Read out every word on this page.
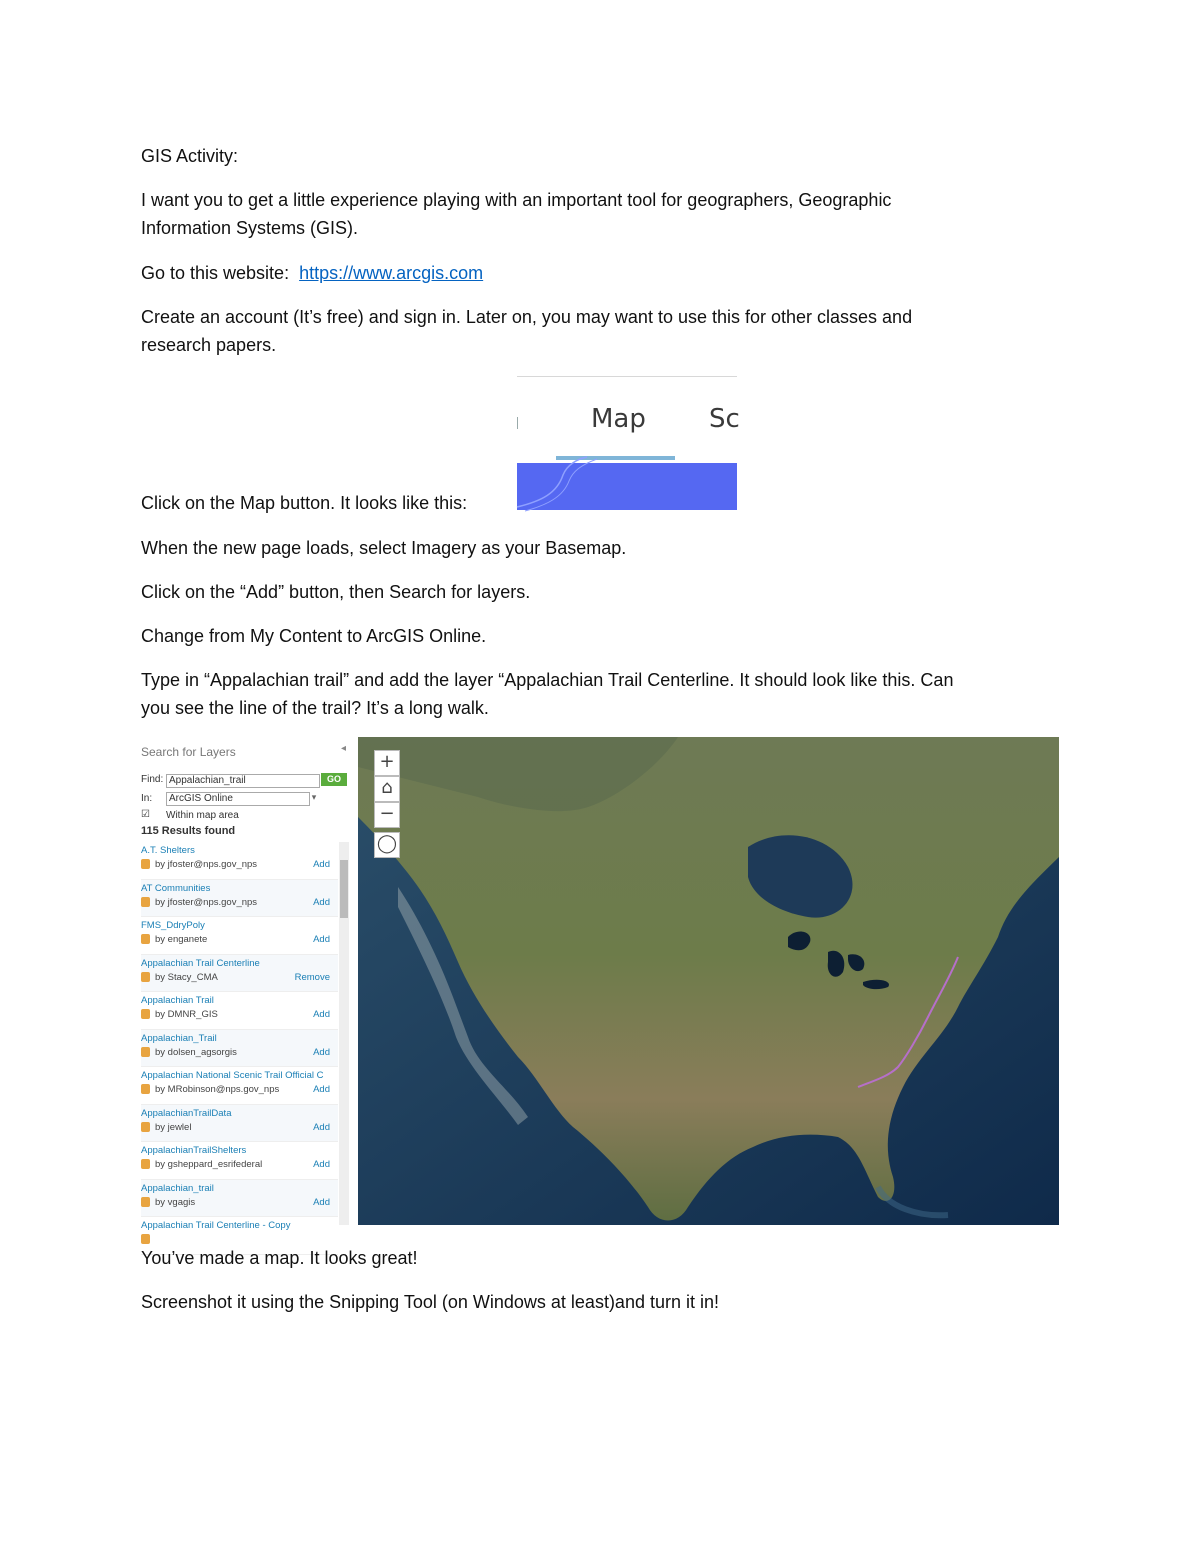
GIS Activity:

I want you to get a little experience playing with an important tool for geographers, Geographic

Information Systems (GIS).

Go to this website: https://www.arcgis.com

Create an account (It’s free) and sign in. Later on, you may want to use this for other classes and

research papers.

Map Sc

Click on the Map button. It looks like this:

When the new page loads, select Imagery as your Basemap.

Click on the “Add” button, then Search for layers.

Change from My Content to ArcGIS Online.

Type in “Appalachian trail” and add the layer “Appalachian Trail Centerline. It should look like this. Can

you see the line of the trail? It’s a long walk.

Search for Layers	◂
Find: Appalachian_trail	GO
In:	ArcGIS Online	▾
☑ Within map area
115 Results found
A.T. Shelters
by jfoster@nps.gov_nps	Add
AT Communities
by jfoster@nps.gov_nps	Add
FMS_DdryPoly
by enganete	Add
Appalachian Trail Centerline
by Stacy_CMA	Remove
Appalachian Trail
by DMNR_GIS	Add
Appalachian_Trail
by dolsen_agsorgis	Add
Appalachian National Scenic Trail Official C
by MRobinson@nps.gov_nps	Add
AppalachianTrailData
by jewlel	Add
AppalachianTrailShelters
by gsheppard_esrifederal	Add
Appalachian_trail
by vgagis	Add
Appalachian Trail Centerline - Copy
+
⌂
−
◯

You’ve made a map. It looks great!

Screenshot it using the Snipping Tool (on Windows at least)and turn it in!
